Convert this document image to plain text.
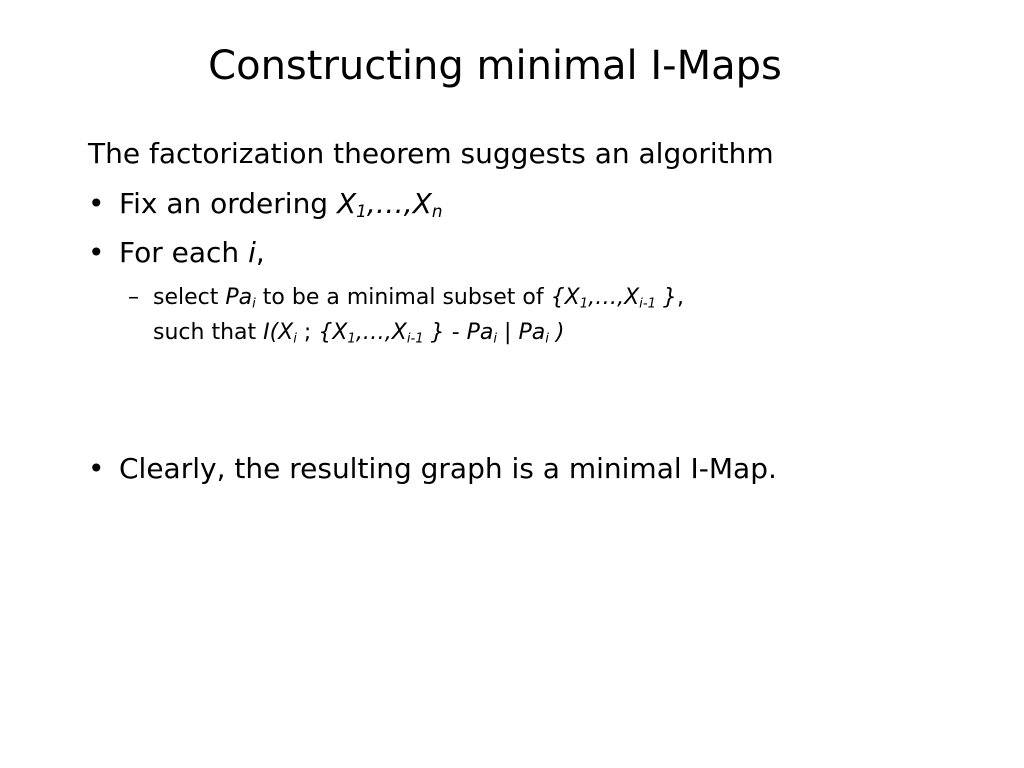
Constructing minimal I-Maps
The factorization theorem suggests an algorithm
• Fix an ordering $X_1,\dots,X_n$
• For each i,
– select $Pa_i$ to be a minimal subset of {$X_1,\dots,X_{i-1}$ },
such that $I(X_i$ ; {$X_1,\dots,X_{i-1}$ } - $Pa_i$ | $Pa_i$ )
• Clearly, the resulting graph is a minimal I-Map.
